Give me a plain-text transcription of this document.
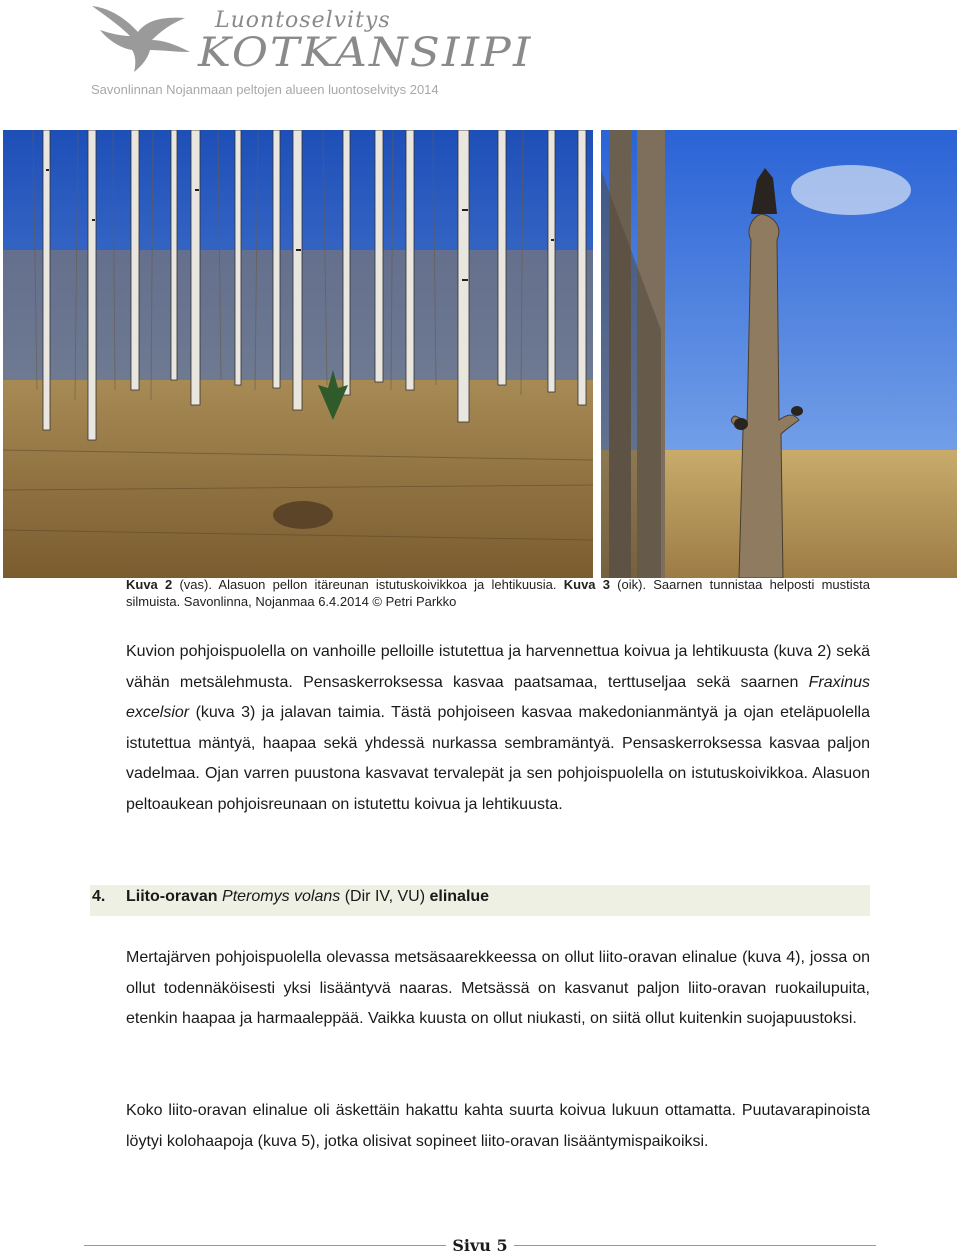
Luontoselvitys
KOTKANSIIPI
Savonlinnan Nojanmaan peltojen alueen luontoselvitys 2014
Kuva 2 (vas). Alasuon pellon itäreunan istutuskoivikkoa ja lehtikuusia. Kuva 3 (oik). Saarnen tunnistaa helposti mustista silmuista. Savonlinna, Nojanmaa 6.4.2014 © Petri Parkko
Kuvion pohjoispuolella on vanhoille pelloille istutettua ja harvennettua koivua ja lehtikuusta (kuva 2) sekä vähän metsälehmusta. Pensaskerroksessa kasvaa paatsamaa, terttuseljaa sekä saarnen Fraxinus excelsior (kuva 3) ja jalavan taimia. Tästä pohjoiseen kasvaa makedonianmäntyä ja ojan eteläpuolella istutettua mäntyä, haapaa sekä yhdessä nurkassa sembramäntyä. Pensaskerroksessa kasvaa paljon vadelmaa. Ojan varren puustona kasvavat tervalepät ja sen pohjoispuolella on istutuskoivikkoa. Alasuon peltoaukean pohjoisreunaan on istutettu koivua ja lehtikuusta.
4. Liito-oravan Pteromys volans (Dir IV, VU) elinalue
Mertajärven pohjoispuolella olevassa metsäsaarekkeessa on ollut liito-oravan elinalue (kuva 4), jossa on ollut todennäköisesti yksi lisääntyvä naaras. Metsässä on kasvanut paljon liito-oravan ruokailupuita, etenkin haapaa ja harmaaleppää. Vaikka kuusta on ollut niukasti, on siitä ollut kuitenkin suojapuustoksi.
Koko liito-oravan elinalue oli äskettäin hakattu kahta suurta koivua lukuun ottamatta. Puutavarapinoista löytyi kolohaapoja (kuva 5), jotka olisivat sopineet liito-oravan lisääntymispaikoiksi.
Sivu 5
